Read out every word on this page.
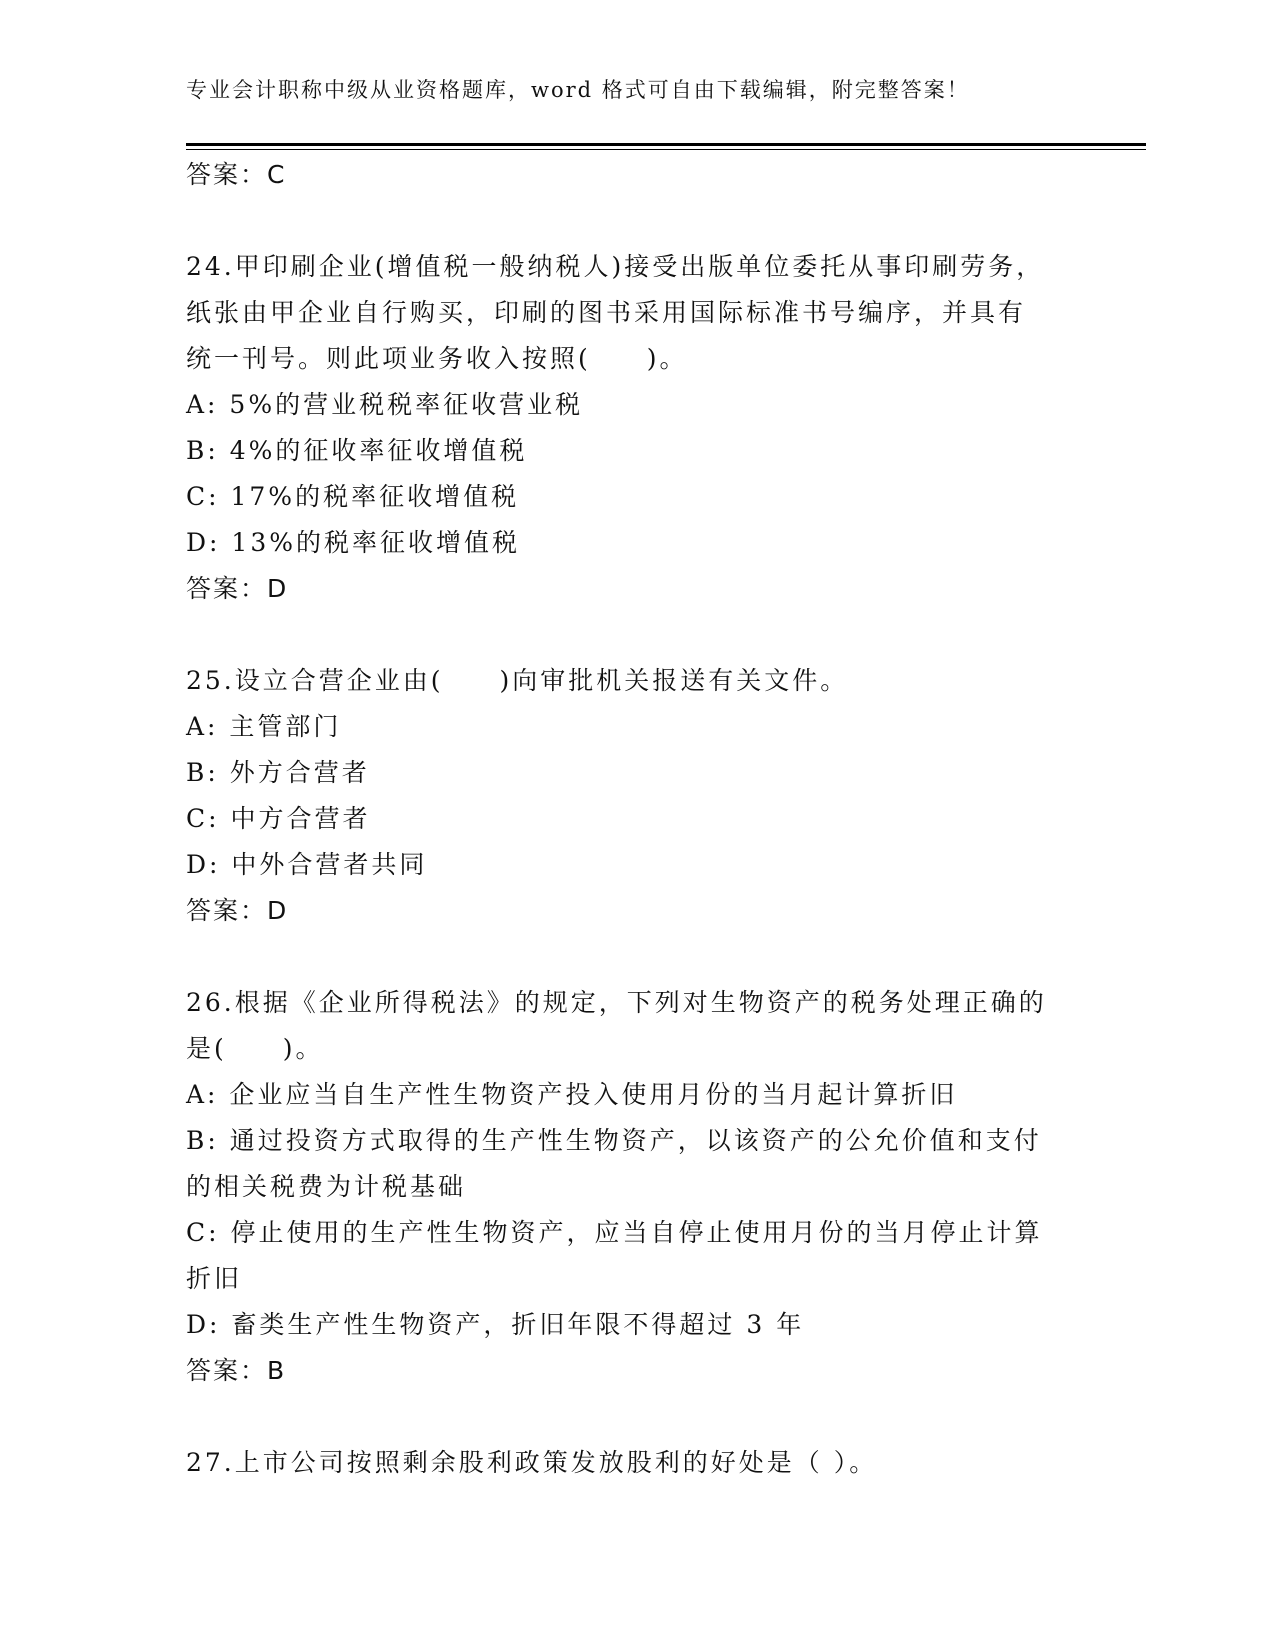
专业会计职称中级从业资格题库，word 格式可自由下载编辑，附完整答案！
答案：C
24.甲印刷企业(增值税一般纳税人)接受出版单位委托从事印刷劳务，
纸张由甲企业自行购买，印刷的图书采用国际标准书号编序，并具有
统一刊号。则此项业务收入按照(　　)。
A: 5%的营业税税率征收营业税
B: 4%的征收率征收增值税
C: 17%的税率征收增值税
D: 13%的税率征收增值税
答案：D
25.设立合营企业由(　　)向审批机关报送有关文件。
A: 主管部门
B: 外方合营者
C: 中方合营者
D: 中外合营者共同
答案：D
26.根据《企业所得税法》的规定，下列对生物资产的税务处理正确的
是(　　)。
A: 企业应当自生产性生物资产投入使用月份的当月起计算折旧
B: 通过投资方式取得的生产性生物资产，以该资产的公允价值和支付
的相关税费为计税基础
C: 停止使用的生产性生物资产，应当自停止使用月份的当月停止计算
折旧
D: 畜类生产性生物资产，折旧年限不得超过 3 年
答案：B
27.上市公司按照剩余股利政策发放股利的好处是（ ）。
